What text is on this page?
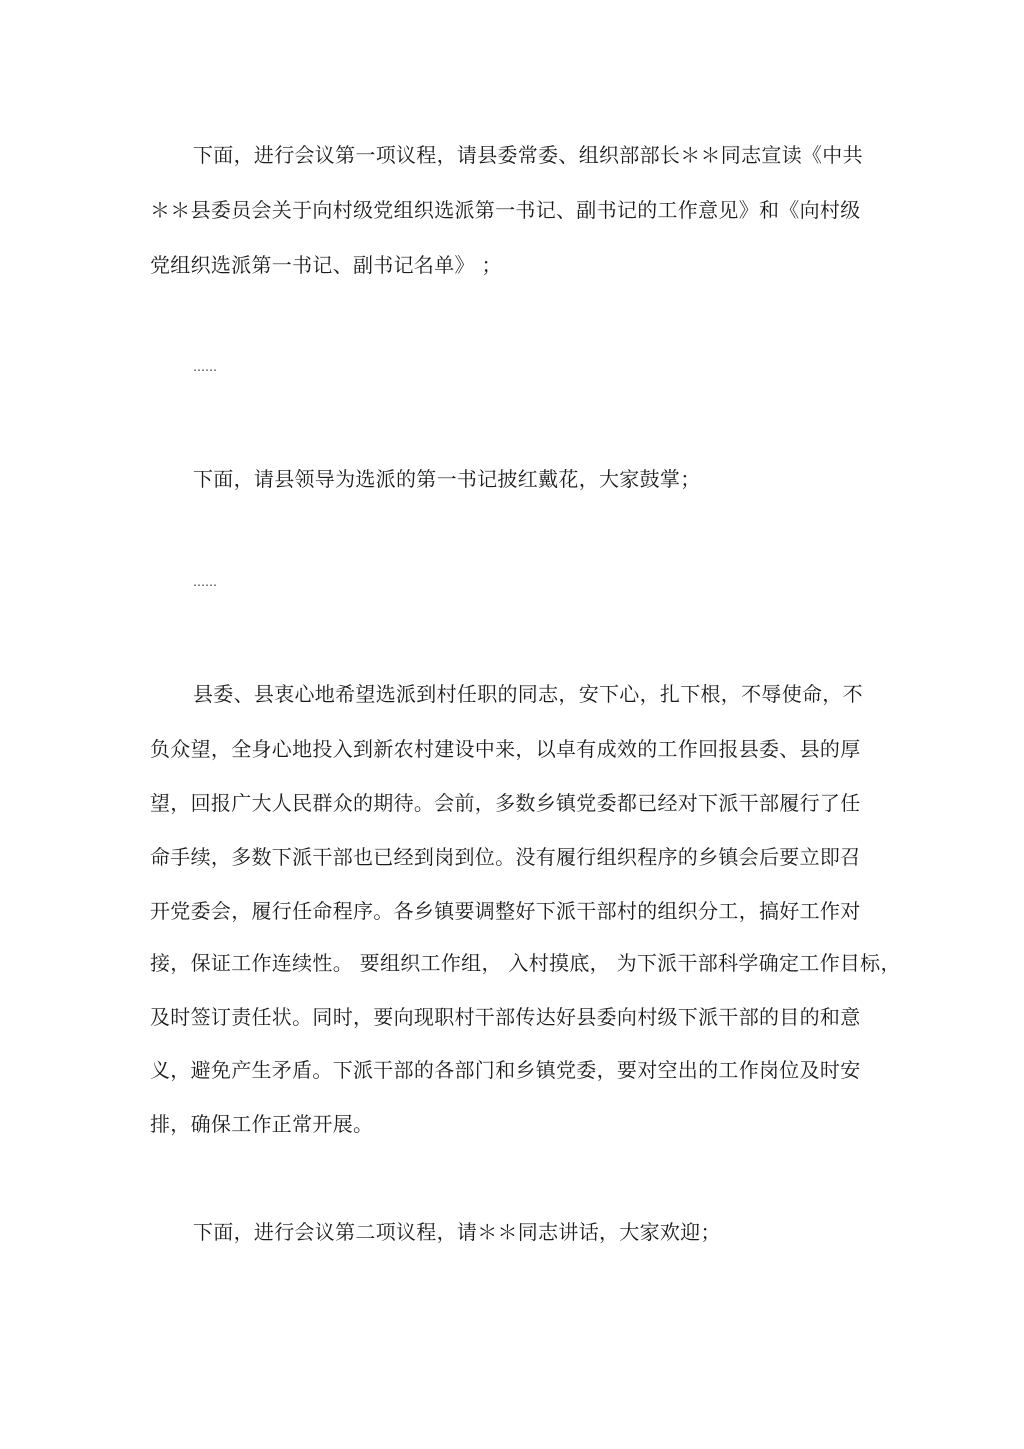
下面，进行会议第一项议程，请县委常委、组织部部长＊＊同志宣读《中共
＊＊县委员会关于向村级党组织选派第一书记、副书记的工作意见》和《向村级
党组织选派第一书记、副书记名单》 ；
……
下面，请县领导为选派的第一书记披红戴花，大家鼓掌；
……
县委、县衷心地希望选派到村任职的同志，安下心，扎下根，不辱使命，不
负众望，全身心地投入到新农村建设中来，以卓有成效的工作回报县委、县的厚
望，回报广大人民群众的期待。会前，多数乡镇党委都已经对下派干部履行了任
命手续，多数下派干部也已经到岗到位。没有履行组织程序的乡镇会后要立即召
开党委会，履行任命程序。各乡镇要调整好下派干部村的组织分工，搞好工作对
接，保证工作连续性。 要组织工作组， 入村摸底， 为下派干部科学确定工作目标，
及时签订责任状。同时，要向现职村干部传达好县委向村级下派干部的目的和意
义，避免产生矛盾。下派干部的各部门和乡镇党委，要对空出的工作岗位及时安
排，确保工作正常开展。
下面，进行会议第二项议程，请＊＊同志讲话，大家欢迎；
